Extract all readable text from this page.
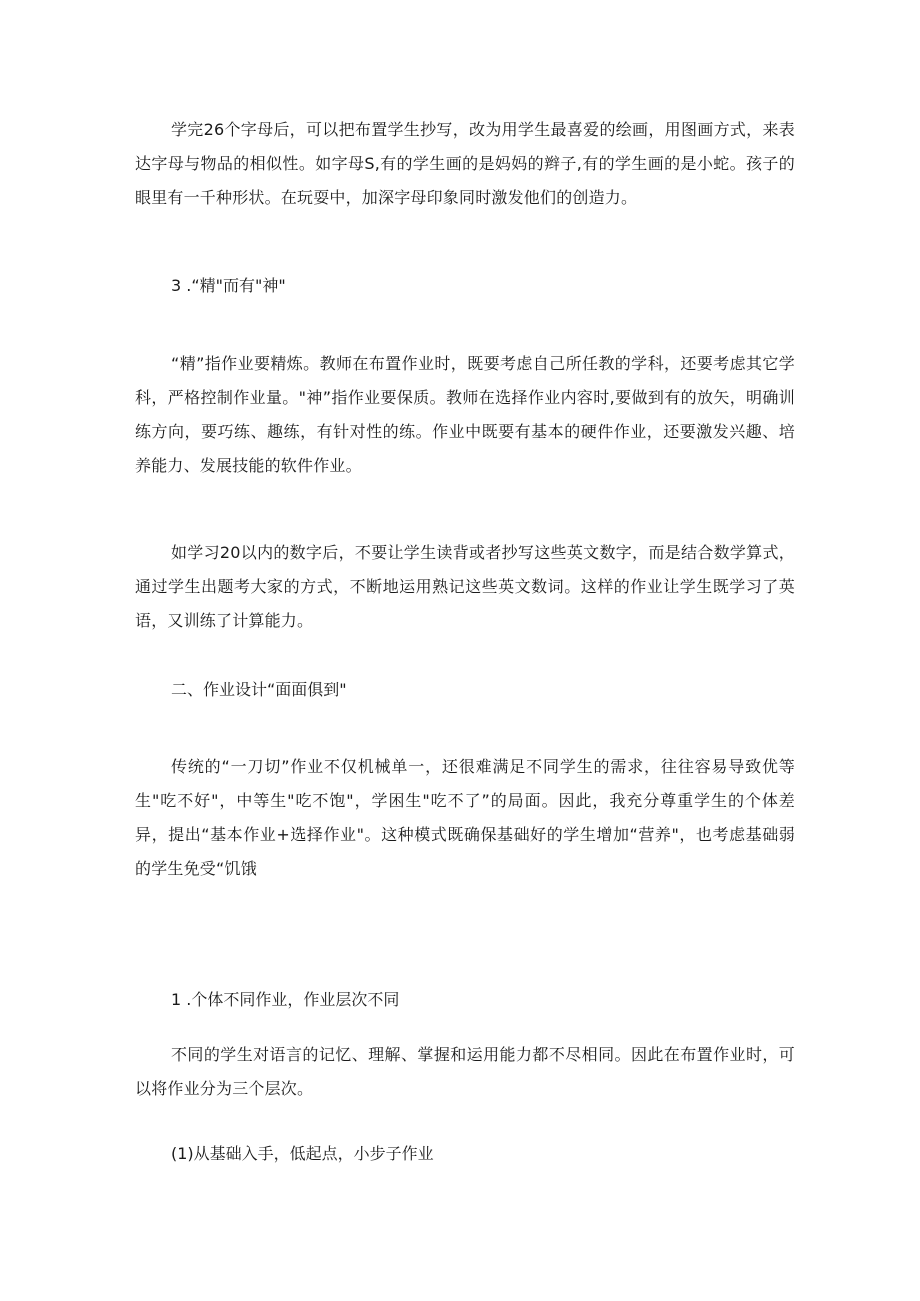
学完26个字母后，可以把布置学生抄写，改为用学生最喜爱的绘画，用图画方式，来表达字母与物品的相似性。如字母S,有的学生画的是妈妈的辫子,有的学生画的是小蛇。孩子的眼里有一千种形状。在玩耍中，加深字母印象同时激发他们的创造力。

3 .“精"而有"神"

“精”指作业要精炼。教师在布置作业时，既要考虑自己所任教的学科，还要考虑其它学科，严格控制作业量。"神”指作业要保质。教师在选择作业内容时,要做到有的放矢，明确训练方向，要巧练、趣练，有针对性的练。作业中既要有基本的硬件作业，还要激发兴趣、培养能力、发展技能的软件作业。

如学习20以内的数字后，不要让学生读背或者抄写这些英文数字，而是结合数学算式，通过学生出题考大家的方式，不断地运用熟记这些英文数词。这样的作业让学生既学习了英语，又训练了计算能力。

二、作业设计“面面俱到"

传统的“一刀切”作业不仅机械单一，还很难满足不同学生的需求，往往容易导致优等生"吃不好"，中等生"吃不饱"，学困生"吃不了”的局面。因此，我充分尊重学生的个体差异，提出“基本作业+选择作业"。这种模式既确保基础好的学生增加“营养"，也考虑基础弱的学生免受“饥饿

1 .个体不同作业，作业层次不同

不同的学生对语言的记忆、理解、掌握和运用能力都不尽相同。因此在布置作业时，可以将作业分为三个层次。

(1)从基础入手，低起点，小步子作业
